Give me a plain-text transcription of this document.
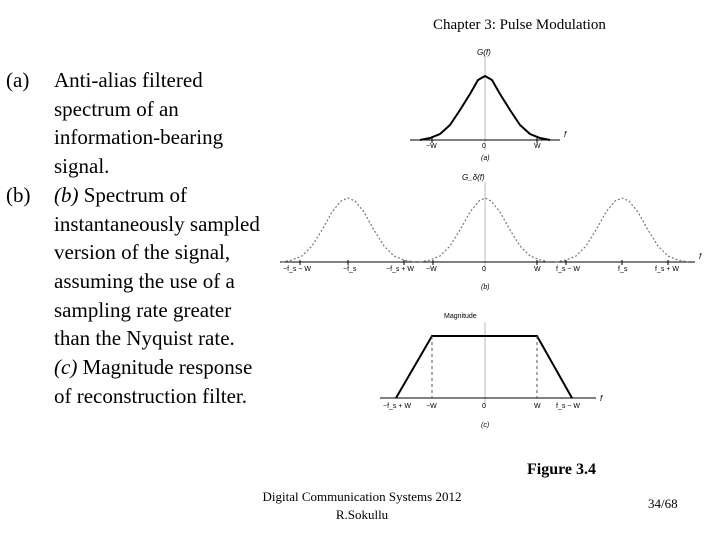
Chapter 3: Pulse Modulation
(a) Anti-alias filtered spectrum of an information-bearing signal.
(b) (b) Spectrum of instantaneously sampled version of the signal, assuming the use of a sampling rate greater than the Nyquist rate.
(c) Magnitude response of reconstruction filter.
G(f)
f
−W	0	W
(a)
G_δ(f)
f
−f_s − W	−f_s	−f_s + W −W	0	W f_s − W	f_s	f_s + W
(b)
Magnitude
f
−f_s + W −W	0	W f_s − W
(c)
Figure 3.4
Digital Communication Systems 2012
R.Sokullu
34/68
